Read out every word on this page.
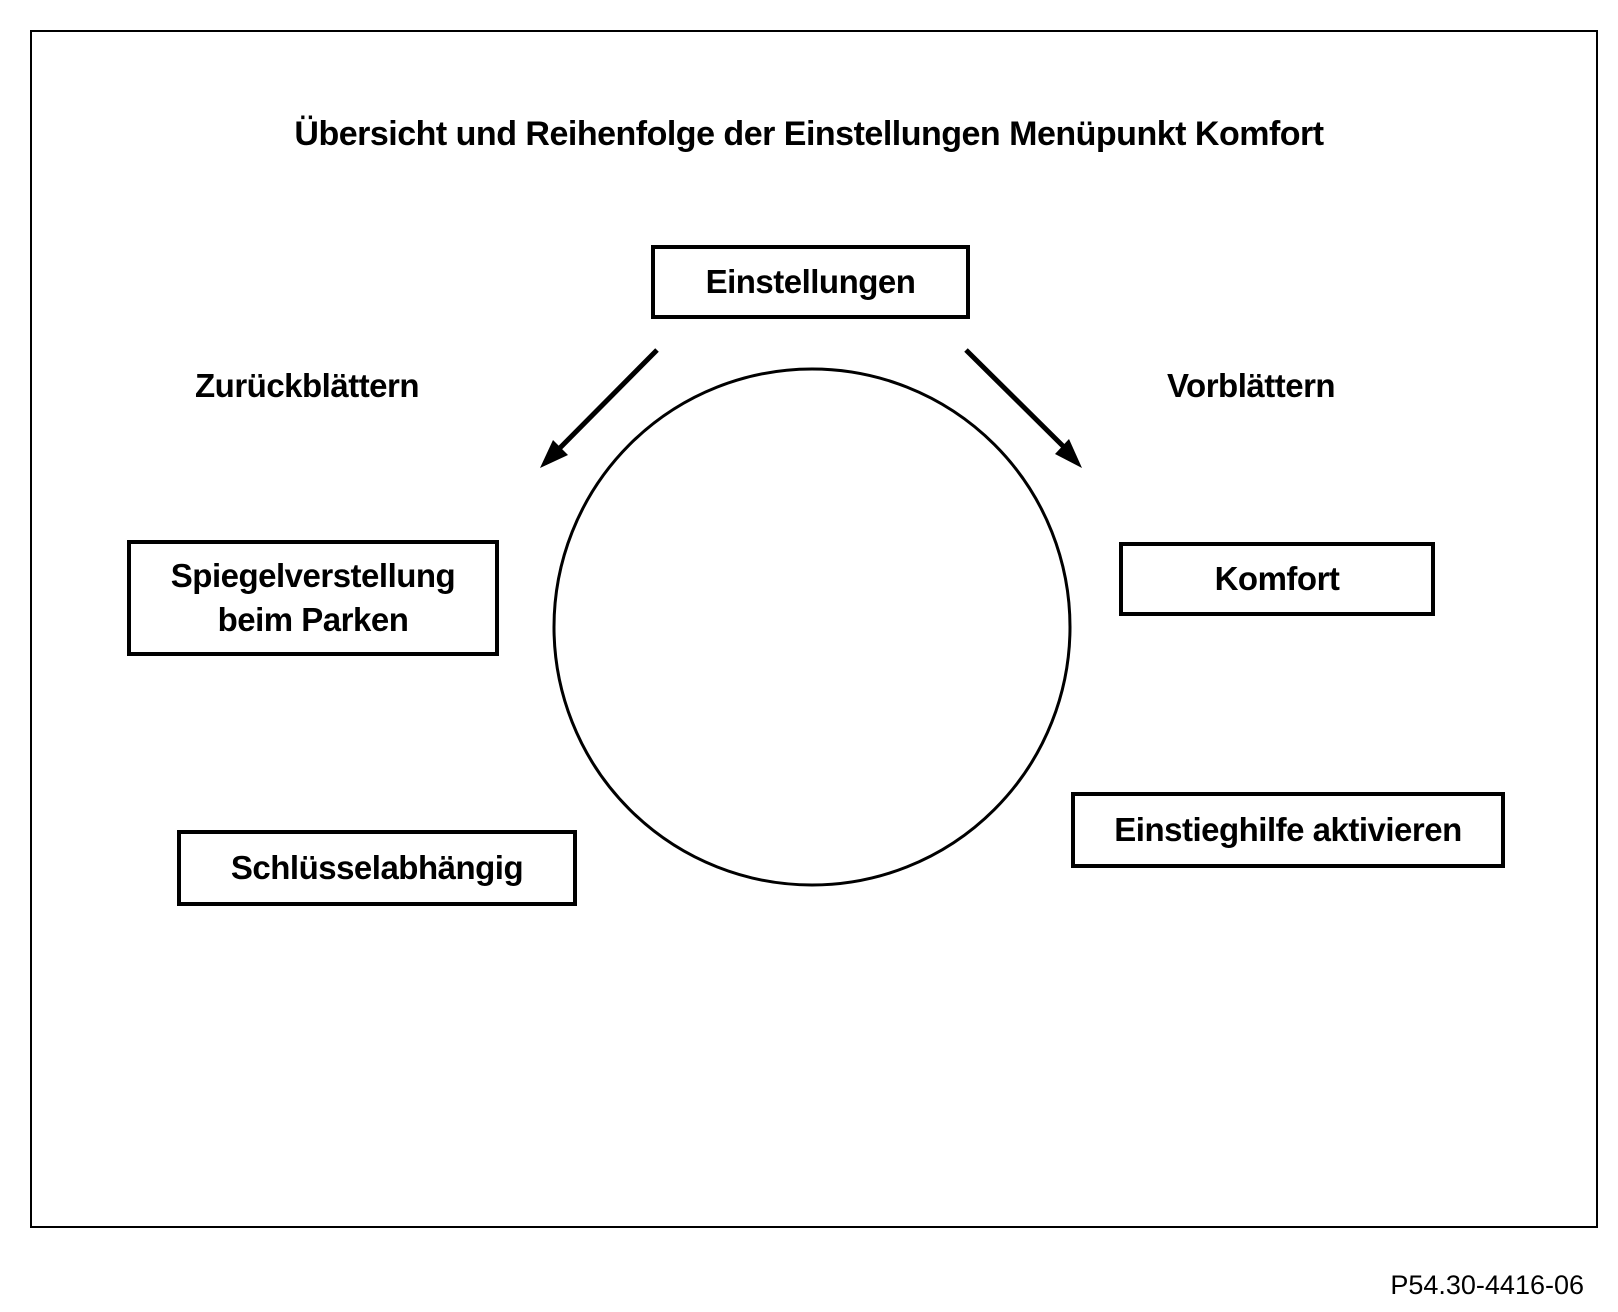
Übersicht und Reihenfolge der Einstellungen Menüpunkt Komfort
Einstellungen
Zurückblättern	Vorblättern
Spiegelverstellung
beim Parken
Komfort
Einstieghilfe aktivieren
Schlüsselabhängig
P54.30-4416-06
